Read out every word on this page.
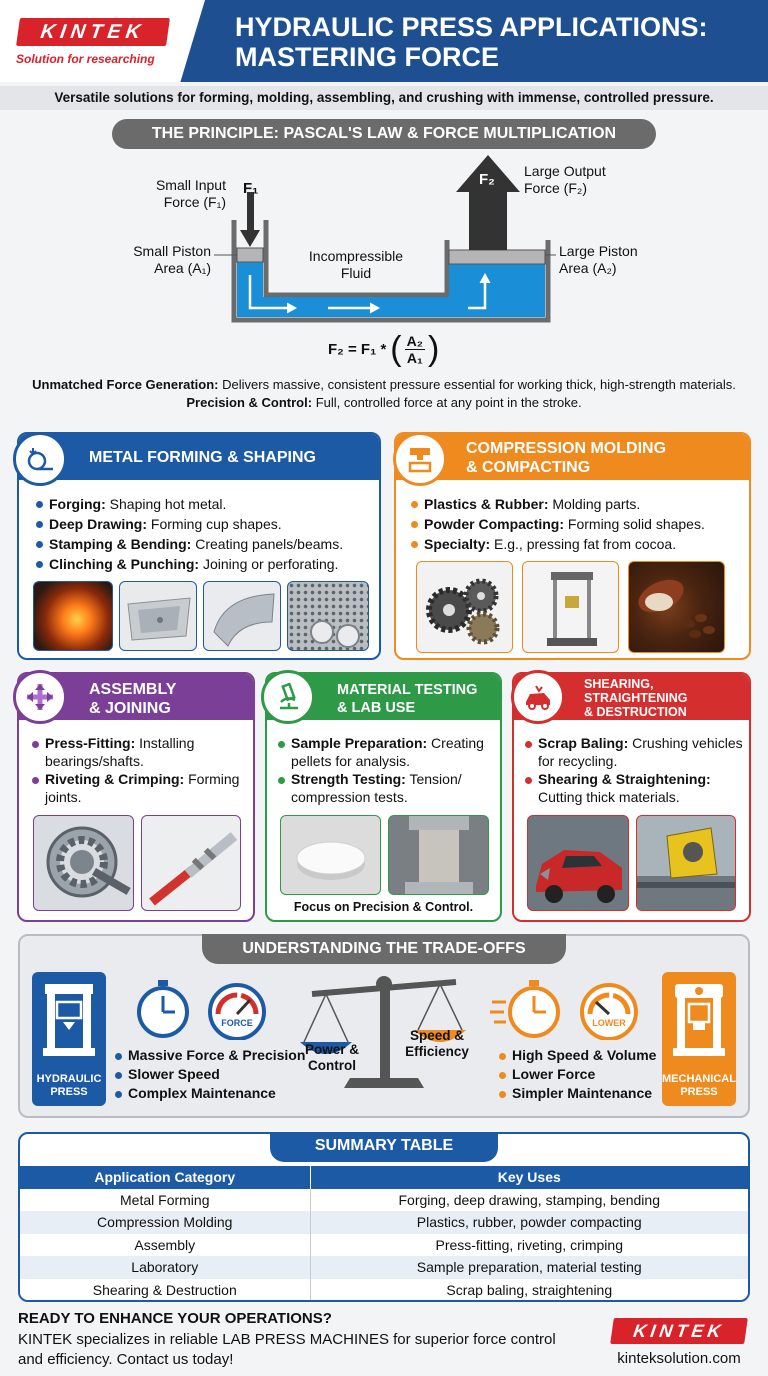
KINTEK
Solution for researching
HYDRAULIC PRESS APPLICATIONS: MASTERING FORCE
Versatile solutions for forming, molding, assembling, and crushing with immense, controlled pressure.
THE PRINCIPLE: PASCAL'S LAW & FORCE MULTIPLICATION
Small Input
Force (F₁)
F₁
F₂ Large Output
Force (F₂)
Small Piston
Area (A₁)
Large Piston
Area (A₂)
Incompressible
Fluid
F₂ = F₁ * ( A₂
A₁ )
Unmatched Force Generation: Delivers massive, consistent pressure essential for working thick, high-strength materials.
Precision & Control: Full, controlled force at any point in the stroke.
METAL FORMING & SHAPING
Forging: Shaping hot metal.
Deep Drawing: Forming cup shapes.
Stamping & Bending: Creating panels/beams.
Clinching & Punching: Joining or perforating.
COMPRESSION MOLDING
& COMPACTING
Plastics & Rubber: Molding parts.
Powder Compacting: Forming solid shapes.
Specialty: E.g., pressing fat from cocoa.
ASSEMBLY
& JOINING
Press-Fitting: Installing bearings/shafts.
Riveting & Crimping: Forming joints.
MATERIAL TESTING
& LAB USE
Sample Preparation: Creating pellets for analysis.
Strength Testing: Tension/ compression tests.
Focus on Precision & Control.
SHEARING,
STRAIGHTENING
& DESTRUCTION
Scrap Baling: Crushing vehicles for recycling.
Shearing & Straightening: Cutting thick materials.
UNDERSTANDING THE TRADE-OFFS
HYDRAULIC
PRESS
FORCE
Massive Force & Precision
Slower Speed
Complex Maintenance
Power &
Control
Speed &
Efficiency
LOWER
High Speed & Volume
Lower Force
Simpler Maintenance
MECHANICAL
PRESS
Application Category	Key Uses
Metal Forming	Forging, deep drawing, stamping, bending
Compression Molding	Plastics, rubber, powder compacting
Assembly	Press-fitting, riveting, crimping
Laboratory	Sample preparation, material testing
Shearing & Destruction	Scrap baling, straightening
SUMMARY TABLE
READY TO ENHANCE YOUR OPERATIONS?
KINTEK specializes in reliable LAB PRESS MACHINES for superior force control and efficiency. Contact us today!
KINTEK
kinteksolution.com
